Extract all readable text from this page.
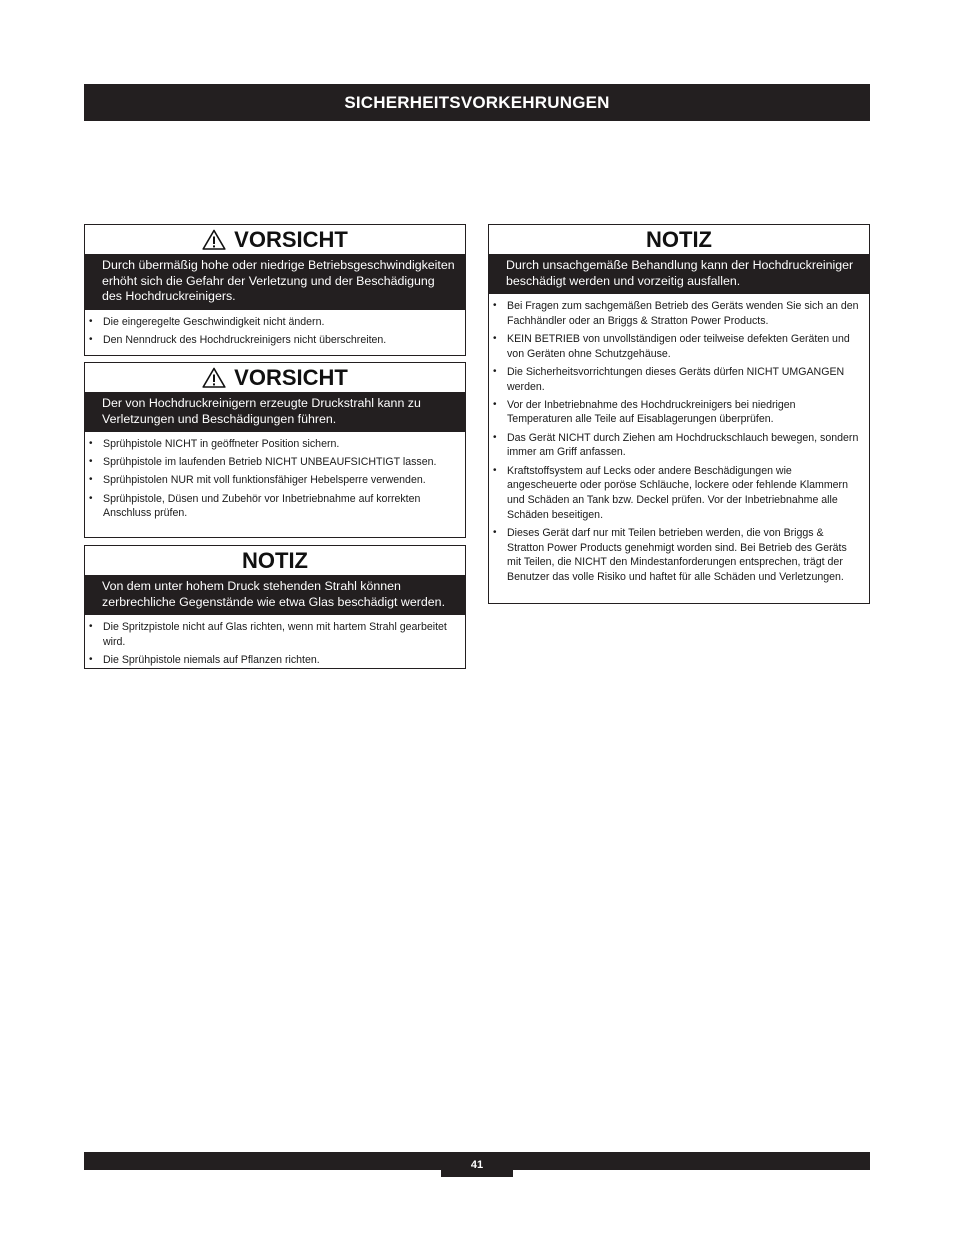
SICHERHEITSVORKEHRUNGEN
VORSICHT
Durch übermäßig hohe oder niedrige Betriebsgeschwindigkeiten erhöht sich die Gefahr der Verletzung und der Beschädigung des Hochdruckreinigers.
• Die eingeregelte Geschwindigkeit nicht ändern.
• Den Nenndruck des Hochdruckreinigers nicht überschreiten.
VORSICHT
Der von Hochdruckreinigern erzeugte Druckstrahl kann zu Verletzungen und Beschädigungen führen.
• Sprühpistole NICHT in geöffneter Position sichern.
• Sprühpistole im laufenden Betrieb NICHT UNBEAUFSICHTIGT lassen.
• Sprühpistolen NUR mit voll funktionsfähiger Hebelsperre verwenden.
• Sprühpistole, Düsen und Zubehör vor Inbetriebnahme auf korrekten Anschluss prüfen.
NOTIZ
Von dem unter hohem Druck stehenden Strahl können zerbrechliche Gegenstände wie etwa Glas beschädigt werden.
• Die Spritzpistole nicht auf Glas richten, wenn mit hartem Strahl gearbeitet wird.
• Die Sprühpistole niemals auf Pflanzen richten.
NOTIZ
Durch unsachgemäße Behandlung kann der Hochdruckreiniger beschädigt werden und vorzeitig ausfallen.
• Bei Fragen zum sachgemäßen Betrieb des Geräts wenden Sie sich an den Fachhändler oder an Briggs & Stratton Power Products.
• KEIN BETRIEB von unvollständigen oder teilweise defekten Geräten und von Geräten ohne Schutzgehäuse.
• Die Sicherheitsvorrichtungen dieses Geräts dürfen NICHT UMGANGEN werden.
• Vor der Inbetriebnahme des Hochdruckreinigers bei niedrigen Temperaturen alle Teile auf Eisablagerungen überprüfen.
• Das Gerät NICHT durch Ziehen am Hochdruckschlauch bewegen, sondern immer am Griff anfassen.
• Kraftstoffsystem auf Lecks oder andere Beschädigungen wie angescheuerte oder poröse Schläuche, lockere oder fehlende Klammern und Schäden an Tank bzw. Deckel prüfen. Vor der Inbetriebnahme alle Schäden beseitigen.
• Dieses Gerät darf nur mit Teilen betrieben werden, die von Briggs & Stratton Power Products genehmigt worden sind. Bei Betrieb des Geräts mit Teilen, die NICHT den Mindestanforderungen entsprechen, trägt der Benutzer das volle Risiko und haftet für alle Schäden und Verletzungen.
41
